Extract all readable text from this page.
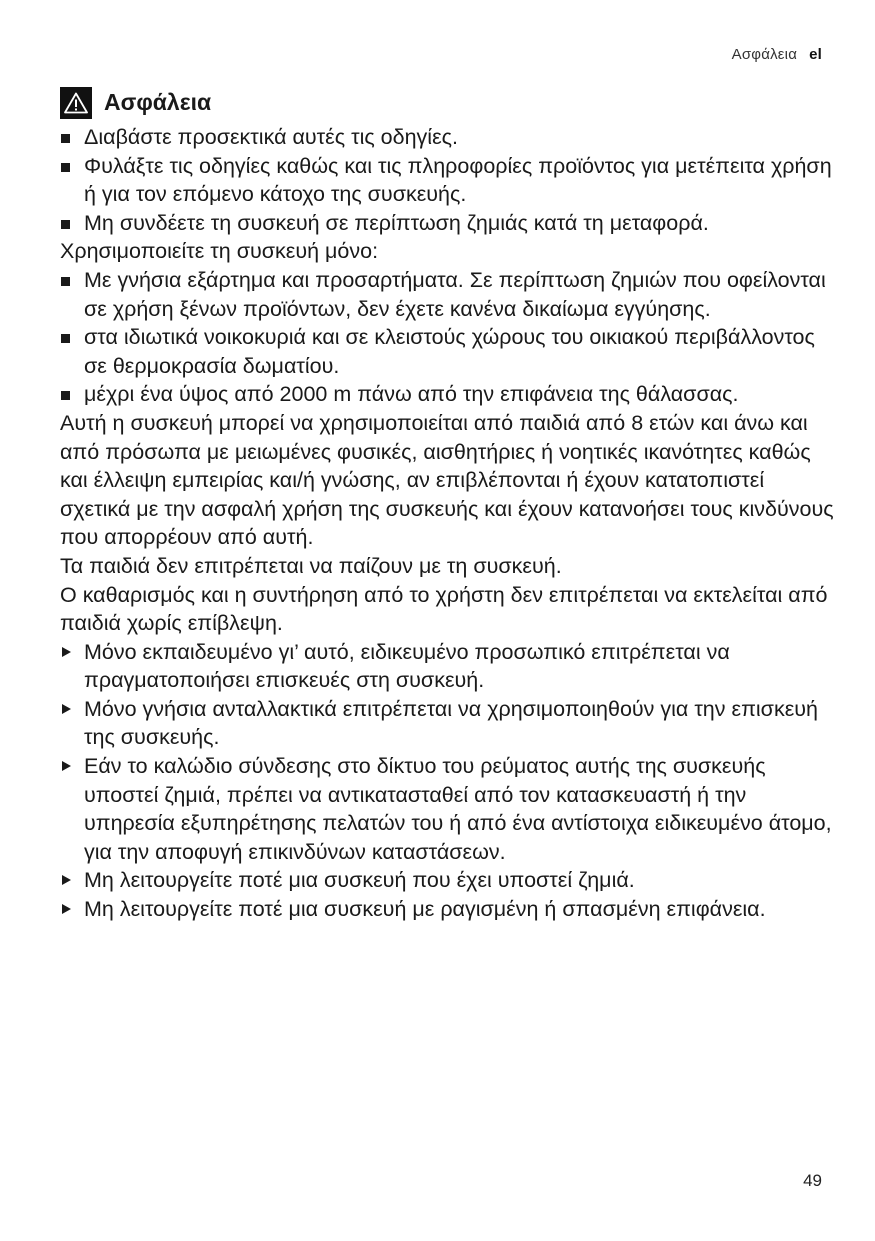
Ασφάλεια el
Ασφάλεια
Διαβάστε προσεκτικά αυτές τις οδηγίες.
Φυλάξτε τις οδηγίες καθώς και τις πληροφορίες προϊόντος για μετέπειτα χρήση ή για τον επόμενο κάτοχο της συσκευής.
Μη συνδέετε τη συσκευή σε περίπτωση ζημιάς κατά τη μεταφορά.

Χρησιμοποιείτε τη συσκευή μόνο:

Με γνήσια εξάρτημα και προσαρτήματα. Σε περίπτωση ζημιών που οφείλονται σε χρήση ξένων προϊόντων, δεν έχετε κανένα δικαίωμα εγγύησης.
στα ιδιωτικά νοικοκυριά και σε κλειστούς χώρους του οικιακού περιβάλλοντος σε θερμοκρασία δωματίου.
μέχρι ένα ύψος από 2000 m πάνω από την επιφάνεια της θάλασσας.

Αυτή η συσκευή μπορεί να χρησιμοποιείται από παιδιά από 8 ετών και άνω και από πρόσωπα με μειωμένες φυσικές, αισθητήριες ή νοητικές ικανότητες καθώς και έλλειψη εμπειρίας και/ή γνώσης, αν επιβλέπονται ή έχουν κατατοπιστεί σχετικά με την ασφαλή χρήση της συσκευής και έχουν κατανοήσει τους κινδύνους που απορρέουν από αυτή.

Τα παιδιά δεν επιτρέπεται να παίζουν με τη συσκευή.

Ο καθαρισμός και η συντήρηση από το χρήστη δεν επιτρέπεται να εκτελείται από παιδιά χωρίς επίβλεψη.

Μόνο εκπαιδευμένο γι’ αυτό, ειδικευμένο προσωπικό επιτρέπεται να πραγματοποιήσει επισκευές στη συσκευή.
Μόνο γνήσια ανταλλακτικά επιτρέπεται να χρησιμοποιηθούν για την επισκευή της συσκευής.
Εάν το καλώδιο σύνδεσης στο δίκτυο του ρεύματος αυτής της συσκευής υποστεί ζημιά, πρέπει να αντικατασταθεί από τον κατασκευαστή ή την υπηρεσία εξυπηρέτησης πελατών του ή από ένα αντίστοιχα ειδικευμένο άτομο, για την αποφυγή επικινδύνων καταστάσεων.
Μη λειτουργείτε ποτέ μια συσκευή που έχει υποστεί ζημιά.
Μη λειτουργείτε ποτέ μια συσκευή με ραγισμένη ή σπασμένη επιφάνεια.
49
